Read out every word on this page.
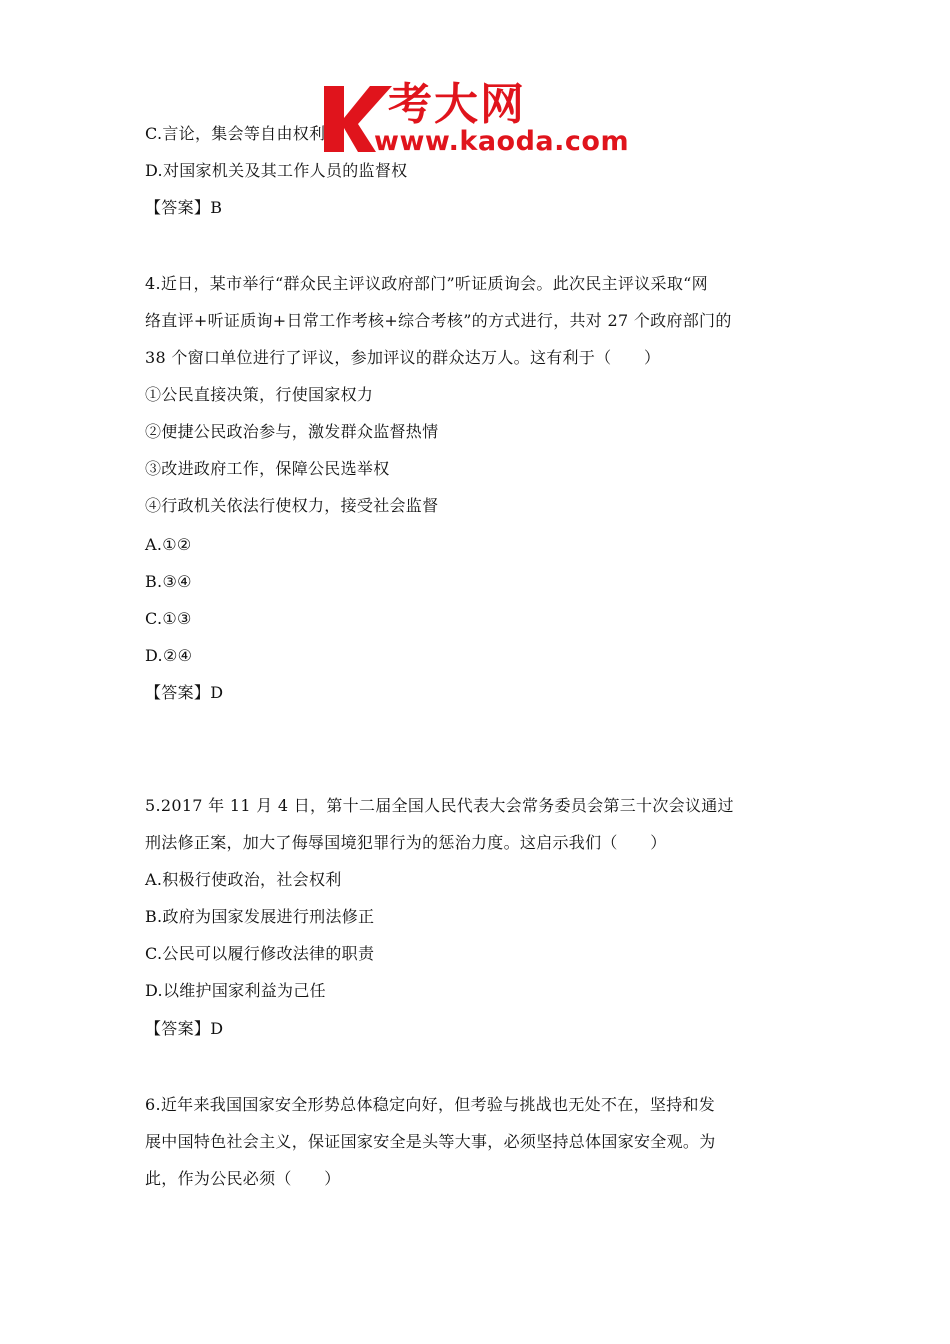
考大网
www.kaoda.com
C.言论，集会等自由权利
D.对国家机关及其工作人员的监督权
【答案】B
4.近日，某市举行“群众民主评议政府部门”听证质询会。此次民主评议采取“网
络直评+听证质询+日常工作考核+综合考核”的方式进行，共对 27 个政府部门的
38 个窗口单位进行了评议，参加评议的群众达万人。这有利于（　　）
①公民直接决策，行使国家权力
②便捷公民政治参与，激发群众监督热情
③改进政府工作，保障公民选举权
④行政机关依法行使权力，接受社会监督
A.①②
B.③④
C.①③
D.②④
【答案】D
5.2017 年 11 月 4 日，第十二届全国人民代表大会常务委员会第三十次会议通过
刑法修正案，加大了侮辱国境犯罪行为的惩治力度。这启示我们（　　）
A.积极行使政治，社会权利
B.政府为国家发展进行刑法修正
C.公民可以履行修改法律的职责
D.以维护国家利益为己任
【答案】D
6.近年来我国国家安全形势总体稳定向好，但考验与挑战也无处不在，坚持和发
展中国特色社会主义，保证国家安全是头等大事，必须坚持总体国家安全观。为
此，作为公民必须（　　）
